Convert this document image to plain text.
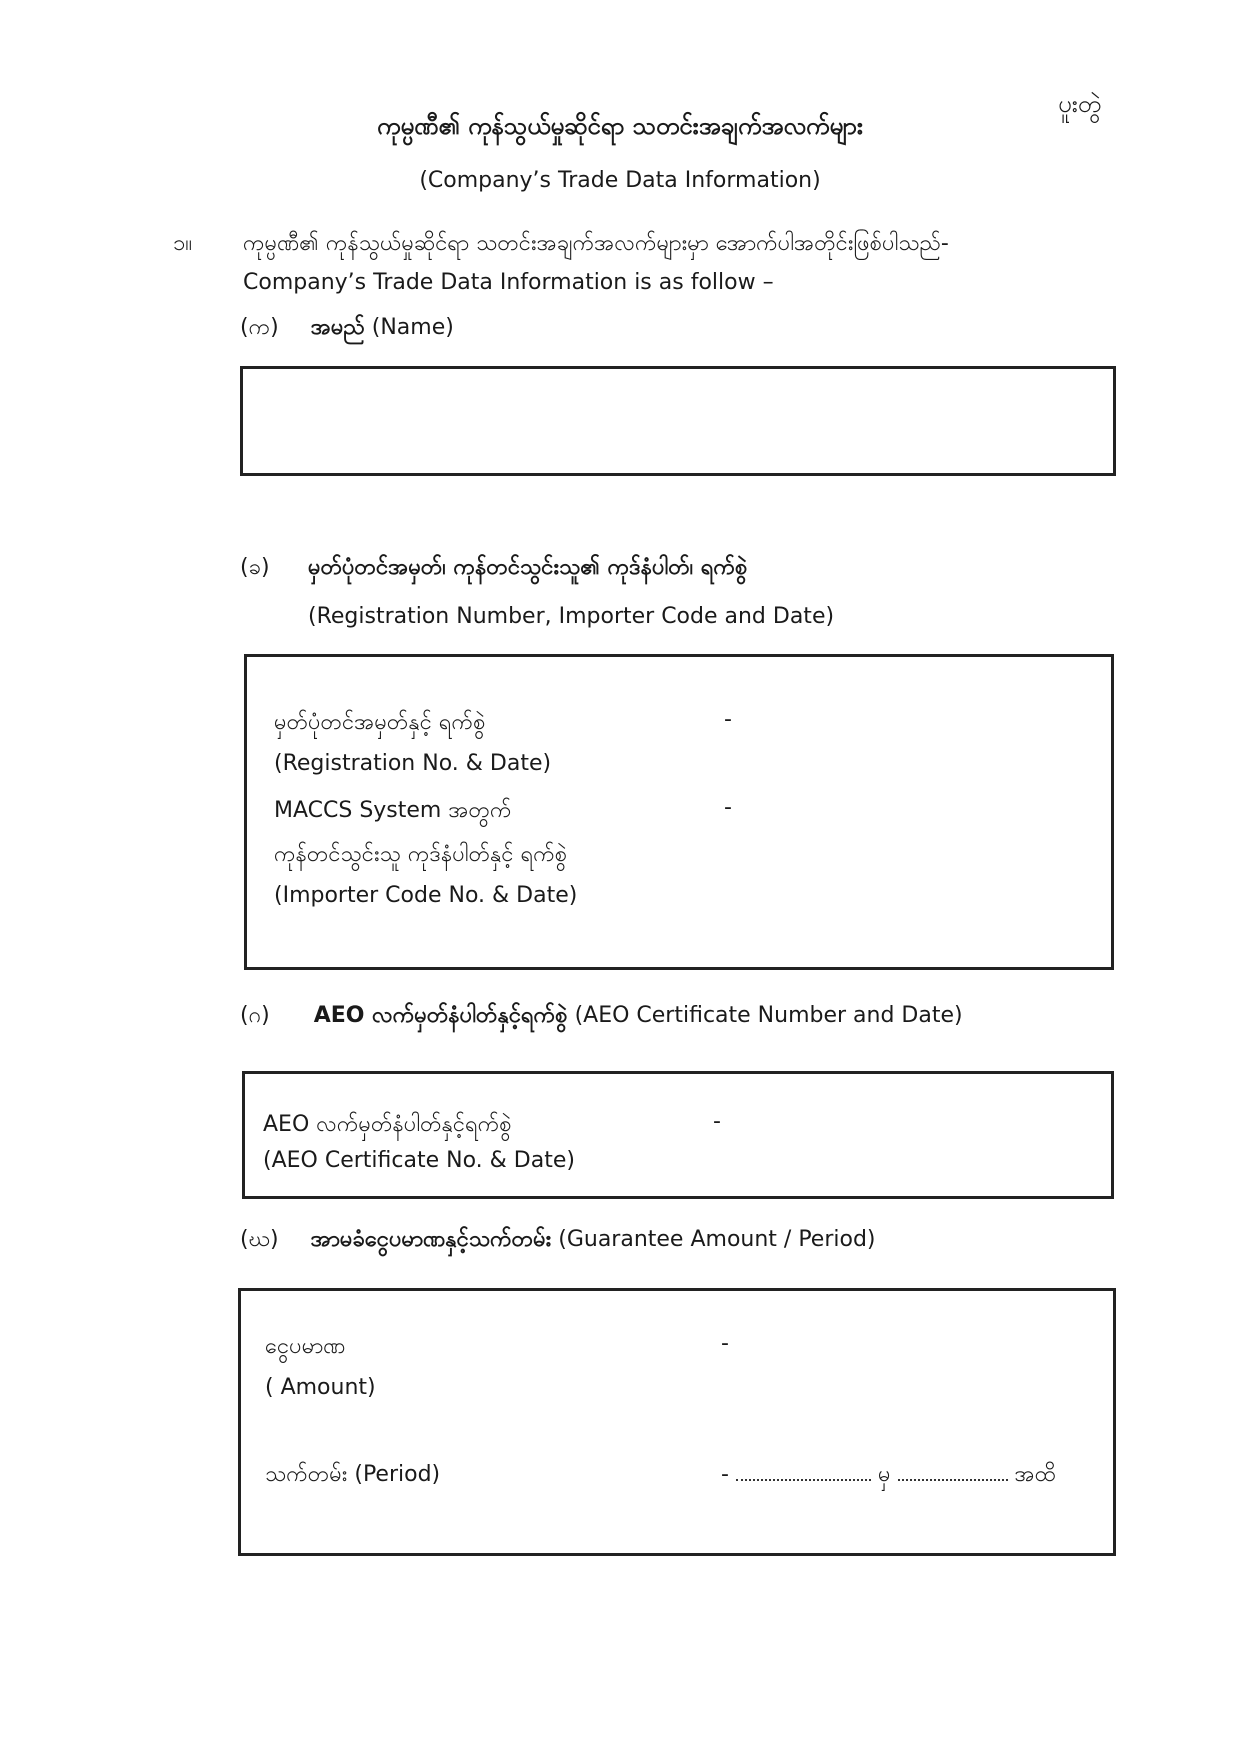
ပူးတွဲ
ကုမ္ပဏီ၏ ကုန်သွယ်မှုဆိုင်ရာ သတင်းအချက်အလက်များ
(Company’s Trade Data Information)
၁။ ကုမ္ပဏီ၏ ကုန်သွယ်မှုဆိုင်ရာ သတင်းအချက်အလက်များမှာ အောက်ပါအတိုင်းဖြစ်ပါသည်-
Company’s Trade Data Information is as follow –
(က) အမည် (Name)
(ခ) မှတ်ပုံတင်အမှတ်၊ ကုန်တင်သွင်းသူ၏ ကုဒ်နံပါတ်၊ ရက်စွဲ
(Registration Number, Importer Code and Date)
မှတ်ပုံတင်အမှတ်နှင့် ရက်စွဲ	-
(Registration No. & Date)
MACCS System အတွက်	-
ကုန်တင်သွင်းသူ ကုဒ်နံပါတ်နှင့် ရက်စွဲ
(Importer Code No. & Date)
(ဂ) AEO လက်မှတ်နံပါတ်နှင့်ရက်စွဲ (AEO Certificate Number and Date)
AEO လက်မှတ်နံပါတ်နှင့်ရက်စွဲ	-
(AEO Certificate No. & Date)
(ဃ) အာမခံငွေပမာဏနှင့်သက်တမ်း (Guarantee Amount / Period)
ငွေပမာဏ	-
( Amount)
သက်တမ်း (Period)	-	မှ	အထိ
